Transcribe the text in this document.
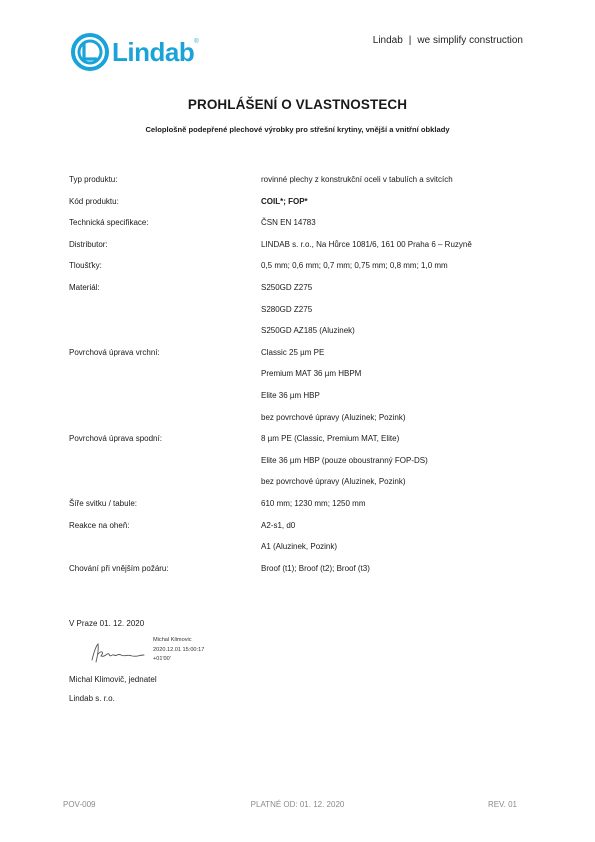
Lindab ®	Lindab | we simplify construction
PROHLÁŠENÍ O VLASTNOSTECH
Celoplošně podepřené plechové výrobky pro střešní krytiny, vnější a vnitřní obklady
Typ produktu:	rovinné plechy z konstrukční oceli v tabulích a svitcích
Kód produktu:	COIL*; FOP*
Technická specifikace:	ČSN EN 14783
Distributor:	LINDAB s. r.o., Na Hůrce 1081/6, 161 00 Praha 6 – Ruzyně
Tloušťky:	0,5 mm; 0,6 mm; 0,7 mm; 0,75 mm; 0,8 mm; 1,0 mm
Materiál:	S250GD Z275
S280GD Z275
S250GD AZ185 (Aluzinek)
Povrchová úprava vrchní:	Classic 25 µm PE
Premium MAT 36 µm HBPM
Elite 36 µm HBP
bez povrchové úpravy (Aluzinek; Pozink)
Povrchová úprava spodní:	8 µm PE (Classic, Premium MAT, Elite)
Elite 36 µm HBP (pouze oboustranný FOP-DS)
bez povrchové úpravy (Aluzinek, Pozink)
Šíře svitku / tabule:	610 mm; 1230 mm; 1250 mm
Reakce na oheň:	A2-s1, d0
A1 (Aluzinek, Pozink)
Chování při vnějším požáru:	Broof (t1); Broof (t2); Broof (t3)
V Praze 01. 12. 2020
Michal Klimovic
2020.12.01 15:00:17
+01'00'
Michal Klimovič, jednatel
Lindab s. r.o.
POV-009	PLATNÉ OD: 01. 12. 2020	REV. 01
